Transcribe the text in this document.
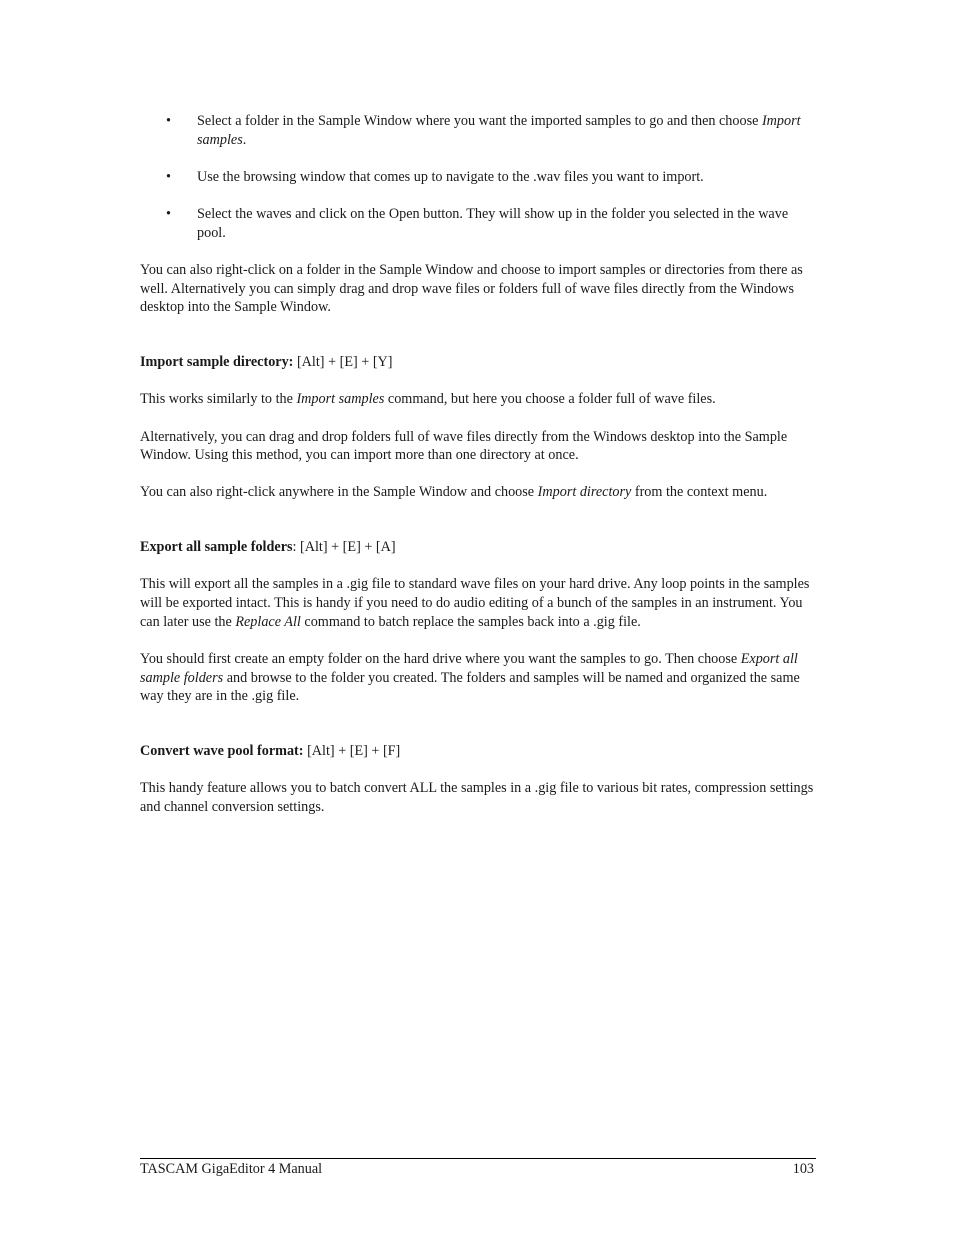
• Select a folder in the Sample Window where you want the imported samples to go and then choose Import samples.
• Use the browsing window that comes up to navigate to the .wav files you want to import.
• Select the waves and click on the Open button. They will show up in the folder you selected in the wave pool.

You can also right-click on a folder in the Sample Window and choose to import samples or directories from there as well. Alternatively you can simply drag and drop wave files or folders full of wave files directly from the Windows desktop into the Sample Window.

Import sample directory: [Alt] + [E] + [Y]

This works similarly to the Import samples command, but here you choose a folder full of wave files.

Alternatively, you can drag and drop folders full of wave files directly from the Windows desktop into the Sample Window. Using this method, you can import more than one directory at once.

You can also right-click anywhere in the Sample Window and choose Import directory from the context menu.

Export all sample folders: [Alt] + [E] + [A]

This will export all the samples in a .gig file to standard wave files on your hard drive. Any loop points in the samples will be exported intact. This is handy if you need to do audio editing of a bunch of the samples in an instrument. You can later use the Replace All command to batch replace the samples back into a .gig file.

You should first create an empty folder on the hard drive where you want the samples to go. Then choose Export all sample folders and browse to the folder you created. The folders and samples will be named and organized the same way they are in the .gig file.

Convert wave pool format: [Alt] + [E] + [F]

This handy feature allows you to batch convert ALL the samples in a .gig file to various bit rates, compression settings and channel conversion settings.

TASCAM GigaEditor 4 Manual	103
